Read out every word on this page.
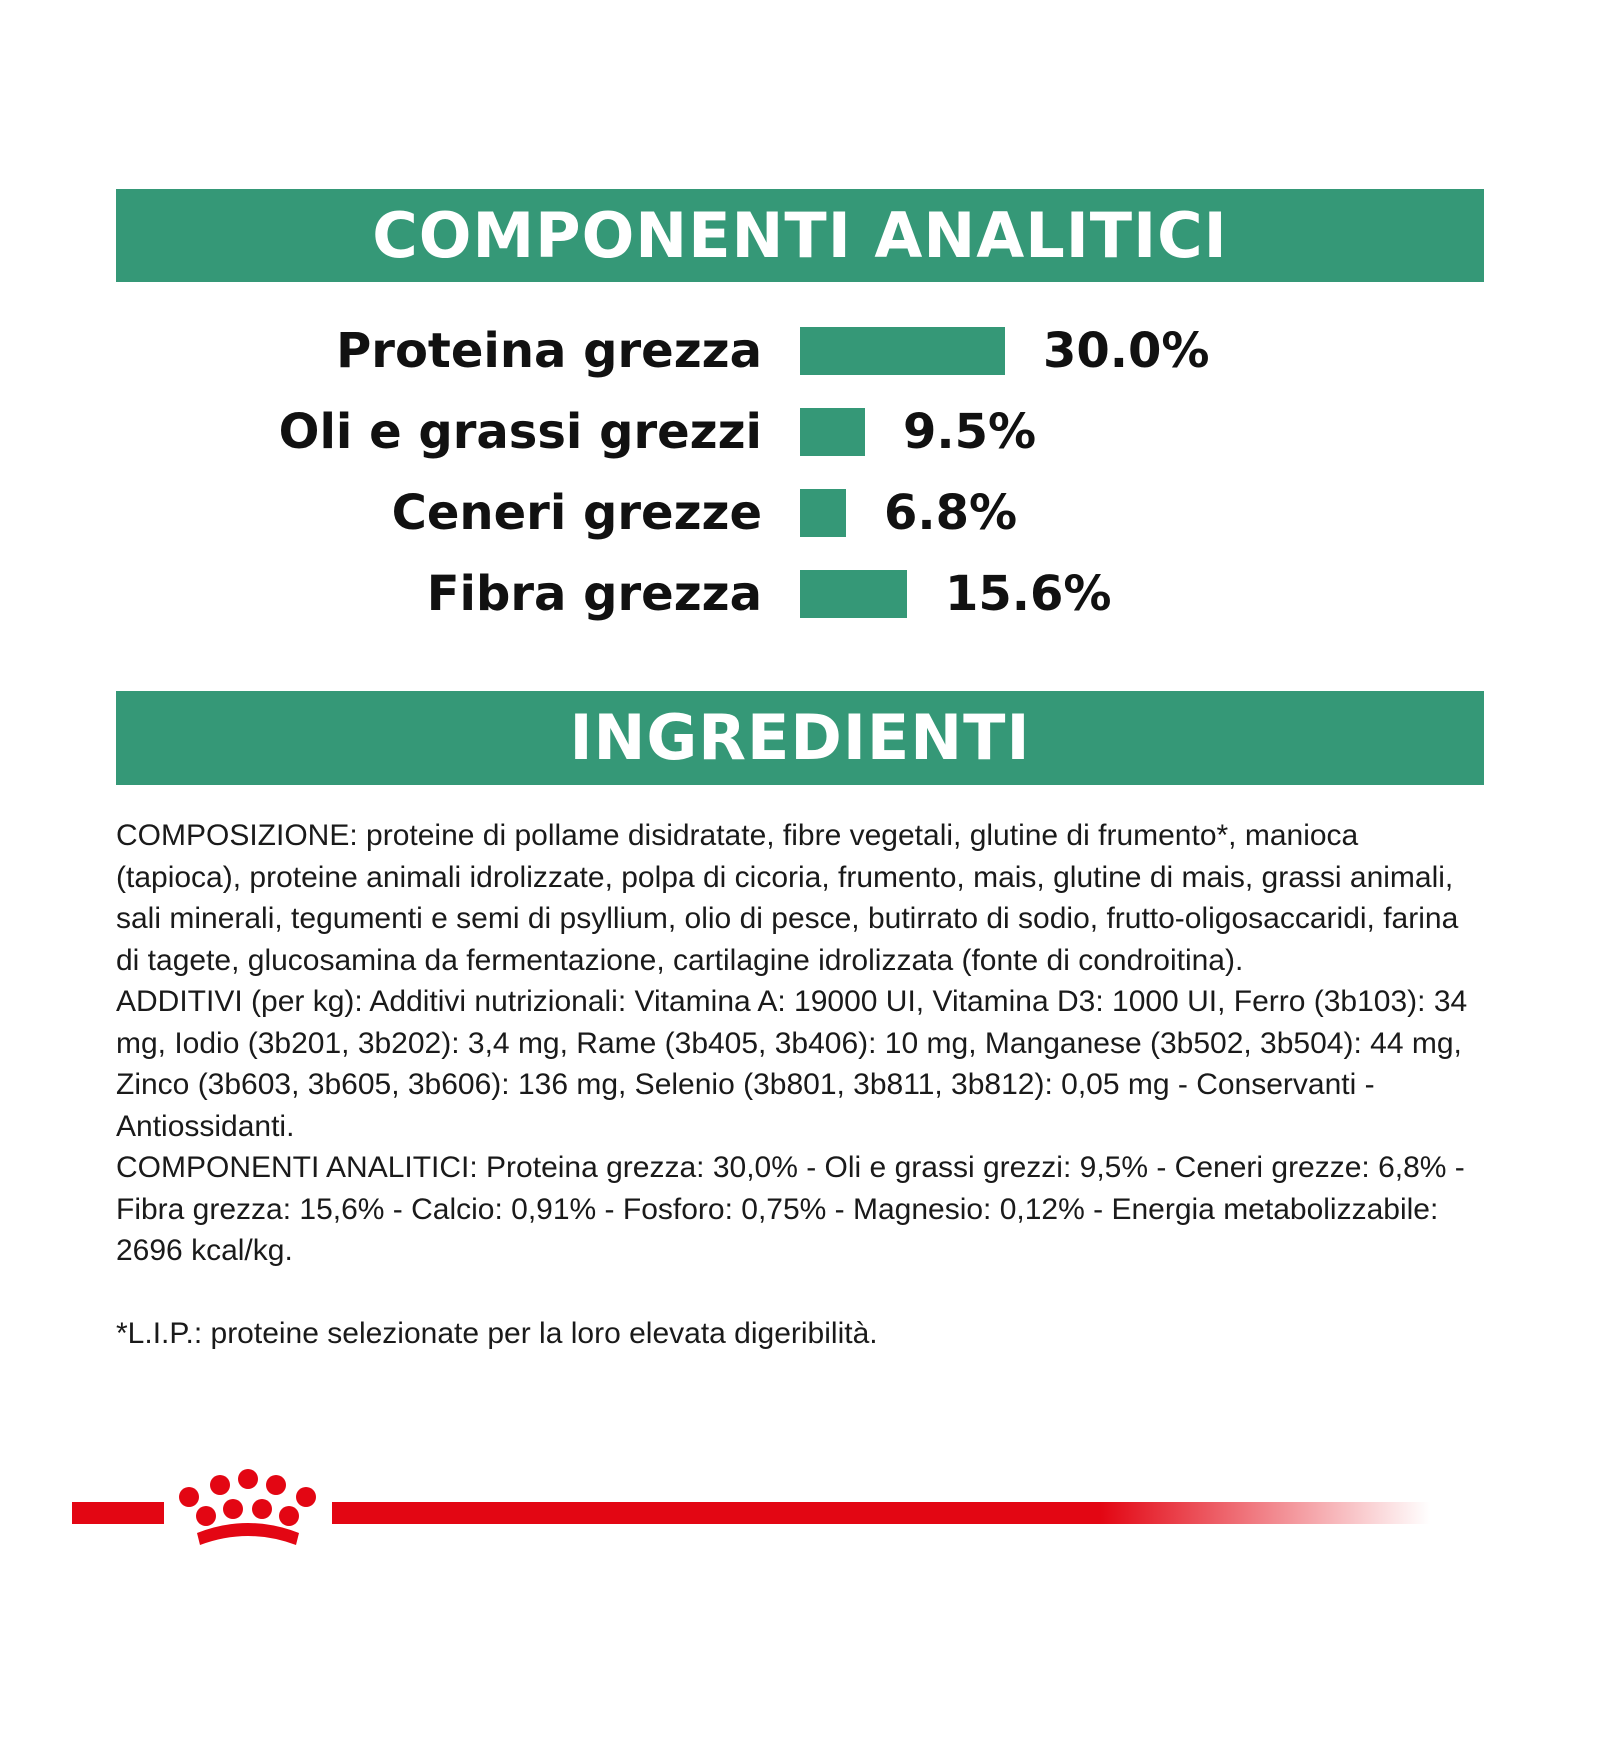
COMPONENTI ANALITICI
Proteina grezza	30.0%
Oli e grassi grezzi	9.5%
Ceneri grezze	6.8%
Fibra grezza	15.6%
INGREDIENTI

COMPOSIZIONE: proteine di pollame disidratate, fibre vegetali, glutine di frumento*, manioca (tapioca), proteine animali idrolizzate, polpa di cicoria, frumento, mais, glutine di mais, grassi animali, sali minerali, tegumenti e semi di psyllium, olio di pesce, butirrato di sodio, frutto-oligosaccaridi, farina di tagete, glucosamina da fermentazione, cartilagine idrolizzata (fonte di condroitina).

ADDITIVI (per kg): Additivi nutrizionali: Vitamina A: 19000 UI, Vitamina D3: 1000 UI, Ferro (3b103): 34 mg, Iodio (3b201, 3b202): 3,4 mg, Rame (3b405, 3b406): 10 mg, Manganese (3b502, 3b504): 44 mg, Zinco (3b603, 3b605, 3b606): 136 mg, Selenio (3b801, 3b811, 3b812): 0,05 mg - Conservanti - Antiossidanti.

COMPONENTI ANALITICI: Proteina grezza: 30,0% - Oli e grassi grezzi: 9,5% - Ceneri grezze: 6,8% - Fibra grezza: 15,6% - Calcio: 0,91% - Fosforo: 0,75% - Magnesio: 0,12% - Energia metabolizzabile: 2696 kcal/kg.

*L.I.P.: proteine selezionate per la loro elevata digeribilità.
